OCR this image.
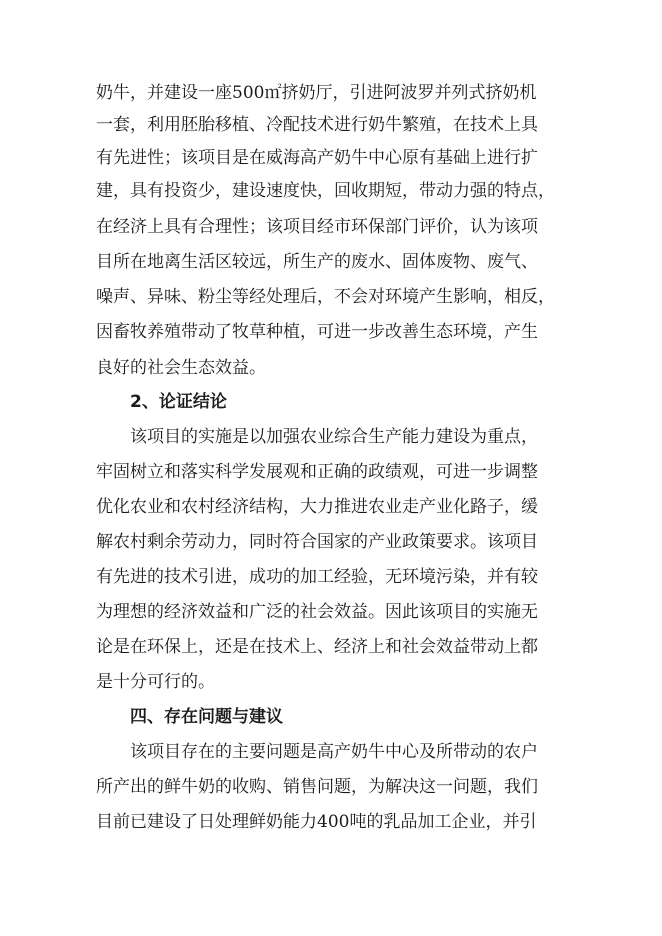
奶牛，并建设一座500㎡挤奶厅，引进阿波罗并列式挤奶机
一套，利用胚胎移植、冷配技术进行奶牛繁殖，在技术上具
有先进性；该项目是在威海高产奶牛中心原有基础上进行扩
建，具有投资少，建设速度快，回收期短，带动力强的特点，
在经济上具有合理性；该项目经市环保部门评价，认为该项
目所在地离生活区较远，所生产的废水、固体废物、废气、
噪声、异味、粉尘等经处理后，不会对环境产生影响，相反，
因畜牧养殖带动了牧草种植，可进一步改善生态环境，产生
良好的社会生态效益。
2、论证结论
该项目的实施是以加强农业综合生产能力建设为重点，
牢固树立和落实科学发展观和正确的政绩观，可进一步调整
优化农业和农村经济结构，大力推进农业走产业化路子，缓
解农村剩余劳动力，同时符合国家的产业政策要求。该项目
有先进的技术引进，成功的加工经验，无环境污染，并有较
为理想的经济效益和广泛的社会效益。因此该项目的实施无
论是在环保上，还是在技术上、经济上和社会效益带动上都
是十分可行的。
四、存在问题与建议
该项目存在的主要问题是高产奶牛中心及所带动的农户
所产出的鲜牛奶的收购、销售问题，为解决这一问题，我们
目前已建设了日处理鲜奶能力400吨的乳品加工企业，并引
